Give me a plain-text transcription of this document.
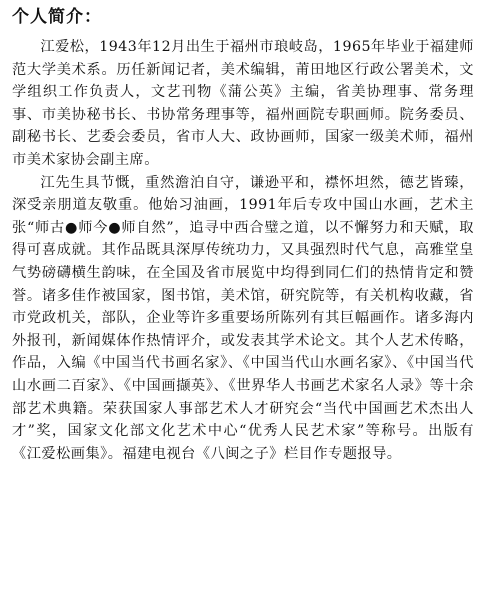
个人简介：

江爱松，1943年12月出生于福州市琅岐岛，1965年毕业于福建师范大学美术系。历任新闻记者，美术编辑，莆田地区行政公署美术，文学组织工作负责人，文艺刊物《蒲公英》主编，省美协理事、常务理事、市美协秘书长、书协常务理事等，福州画院专职画师。院务委员、副秘书长、艺委会委员，省市人大、政协画师，国家一级美术师，福州市美术家协会副主席。

江先生具节慨，重然澹泊自守，谦逊平和，襟怀坦然，德艺皆臻，深受亲朋道友敬重。他始习油画，1991年后专攻中国山水画，艺术主张“师古●师今●师自然”，追寻中西合璧之道，以不懈努力和天赋，取得可喜成就。其作品既具深厚传统功力，又具强烈时代气息，高雅堂皇气势磅礴横生韵味，在全国及省市展览中均得到同仁们的热情肯定和赞誉。诸多佳作被国家，图书馆，美术馆，研究院等，有关机构收藏，省市党政机关，部队，企业等许多重要场所陈列有其巨幅画作。诸多海内外报刊，新闻媒体作热情评介，或发表其学术论文。其个人艺术传略，作品，入编《中国当代书画名家》、《中国当代山水画名家》、《中国当代山水画二百家》、《中国画撷英》、《世界华人书画艺术家名人录》等十余部艺术典籍。荣获国家人事部艺术人才研究会“当代中国画艺术杰出人才”奖，国家文化部文化艺术中心“优秀人民艺术家”等称号。出版有《江爱松画集》。福建电视台《八闽之子》栏目作专题报导。
